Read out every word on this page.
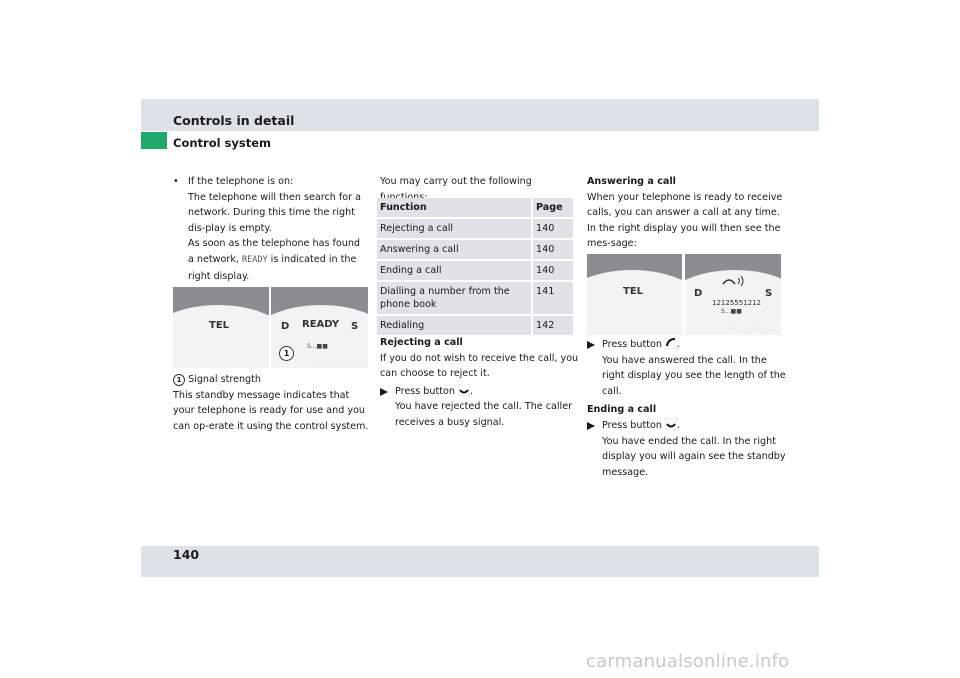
Controls in detail
Control system
140
carmanualsonline.info

• If the telephone is on:

The telephone will then search for a network. During this time the right dis-play is empty.

As soon as the telephone has found a network, READY is indicated in the right display.

TEL	D READY S
1
S...■■
P54.30-6872-31

1 Signal strength

This standby message indicates that your telephone is ready for use and you can op-erate it using the control system.

You may carry out the following

Function	Page
Rejecting a call	140
Answering a call	140
Ending a call	140
Dialling a number from the phone book	141
Redialing	142

Rejecting a call

If you do not wish to receive the call, you can choose to reject it.

Press button .

You have rejected the call. The caller receives a busy signal.

Answering a call

When your telephone is ready to receive calls, you can answer a call at any time. In the right display you will then see the mes-sage:

TEL	D	S
12125551212
S...■■
P54.32-2852-31

Press button .

You have answered the call. In the right display you see the length of the call.

Ending a call

Press button .

You have ended the call. In the right display you will again see the standby message.
